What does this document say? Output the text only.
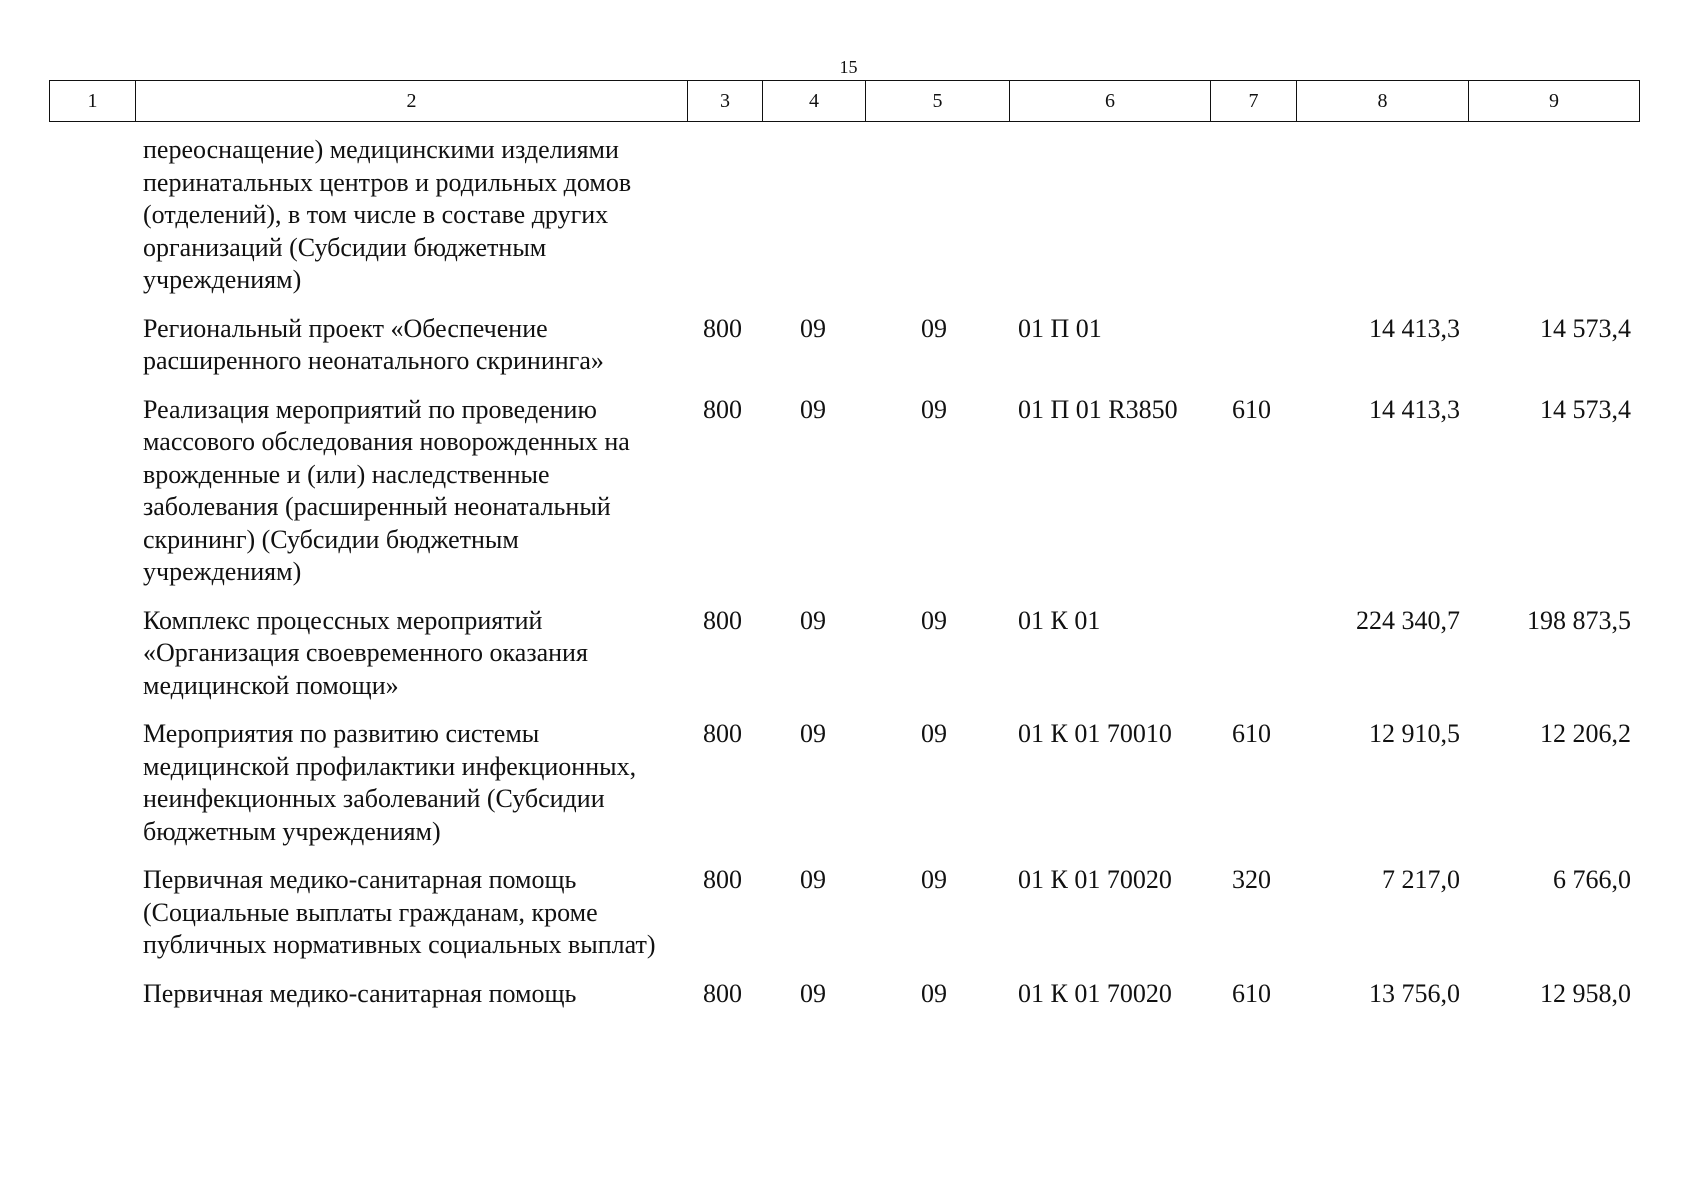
15
1	2	3	4	5	6	7	8	9
переоснащение) медицинскими изделиями перинатальных центров и родильных домов (отделений), в том числе в составе других организаций (Субсидии бюджетным учреждениям)							
Региональный проект «Обеспечение расширенного неонатального скрининга»	800	09	09	01 П 01		14 413,3	14 573,4
Реализация мероприятий по проведению массового обследования новорожденных на врожденные и (или) наследственные заболевания (расширенный неонатальный скрининг) (Субсидии бюджетным учреждениям)	800	09	09	01 П 01 R3850	610	14 413,3	14 573,4
Комплекс процессных мероприятий «Организация своевременного оказания медицинской помощи»	800	09	09	01 К 01		224 340,7	198 873,5
Мероприятия по развитию системы медицинской профилактики инфекционных, неинфекционных заболеваний (Субсидии бюджетным учреждениям)	800	09	09	01 К 01 70010	610	12 910,5	12 206,2
Первичная медико-санитарная помощь (Социальные выплаты гражданам, кроме публичных нормативных социальных выплат)	800	09	09	01 К 01 70020	320	7 217,0	6 766,0
Первичная медико-санитарная помощь	800	09	09	01 К 01 70020	610	13 756,0	12 958,0
